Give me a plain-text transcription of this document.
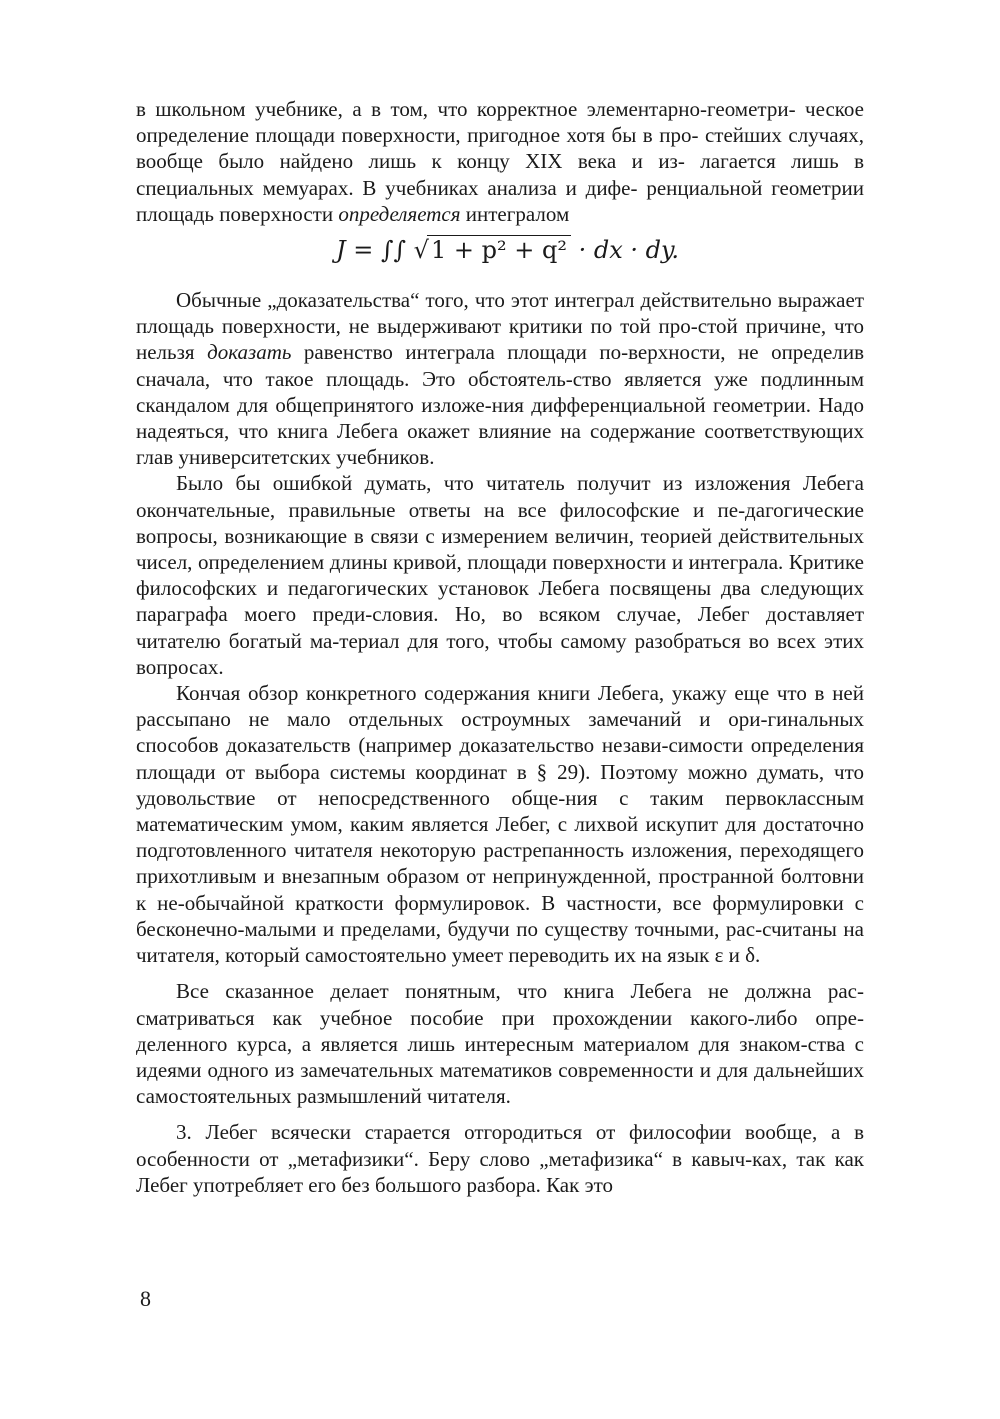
в школьном учебнике, а в том, что корректное элементарно-геометри- ческое определение площади поверхности, пригодное хотя бы в про- стейших случаях, вообще было найдено лишь к концу XIX века и из- лагается лишь в специальных мемуарах. В учебниках анализа и дифе- ренциальной геометрии площадь поверхности определяется интегралом
J = ∫∫ √1 + p² + q² · dx · dy.

Обычные „доказательства“ того, что этот интеграл действительно выражает площадь поверхности, не выдерживают критики по той про-стой причине, что нельзя доказать равенство интеграла площади по-верхности, не определив сначала, что такое площадь. Это обстоятель-ство является уже подлинным скандалом для общепринятого изложе-ния дифференциальной геометрии. Надо надеяться, что книга Лебега окажет влияние на содержание соответствующих глав университетских учебников.

Было бы ошибкой думать, что читатель получит из изложения Лебега окончательные, правильные ответы на все философские и пе-дагогические вопросы, возникающие в связи с измерением величин, теорией действительных чисел, определением длины кривой, площади поверхности и интеграла. Критике философских и педагогических установок Лебега посвящены два следующих параграфа моего преди-словия. Но, во всяком случае, Лебег доставляет читателю богатый ма-териал для того, чтобы самому разобраться во всех этих вопросах.

Кончая обзор конкретного содержания книги Лебега, укажу еще что в ней рассыпано не мало отдельных остроумных замечаний и ори-гинальных способов доказательств (например доказательство незави-симости определения площади от выбора системы координат в § 29). Поэтому можно думать, что удовольствие от непосредственного обще-ния с таким первоклассным математическим умом, каким является Лебег, с лихвой искупит для достаточно подготовленного читателя некоторую растрепанность изложения, переходящего прихотливым и внезапным образом от непринужденной, пространной болтовни к не-обычайной краткости формулировок. В частности, все формулировки с бесконечно-малыми и пределами, будучи по существу точными, рас-считаны на читателя, который самостоятельно умеет переводить их на язык ε и δ.

Все сказанное делает понятным, что книга Лебега не должна рас-сматриваться как учебное пособие при прохождении какого-либо опре-деленного курса, а является лишь интересным материалом для знаком-ства с идеями одного из замечательных математиков современности и для дальнейших самостоятельных размышлений читателя.

3. Лебег всячески старается отгородиться от философии вообще, а в особенности от „метафизики“. Беру слово „метафизика“ в кавыч-ках, так как Лебег употребляет его без большого разбора. Как это

8
